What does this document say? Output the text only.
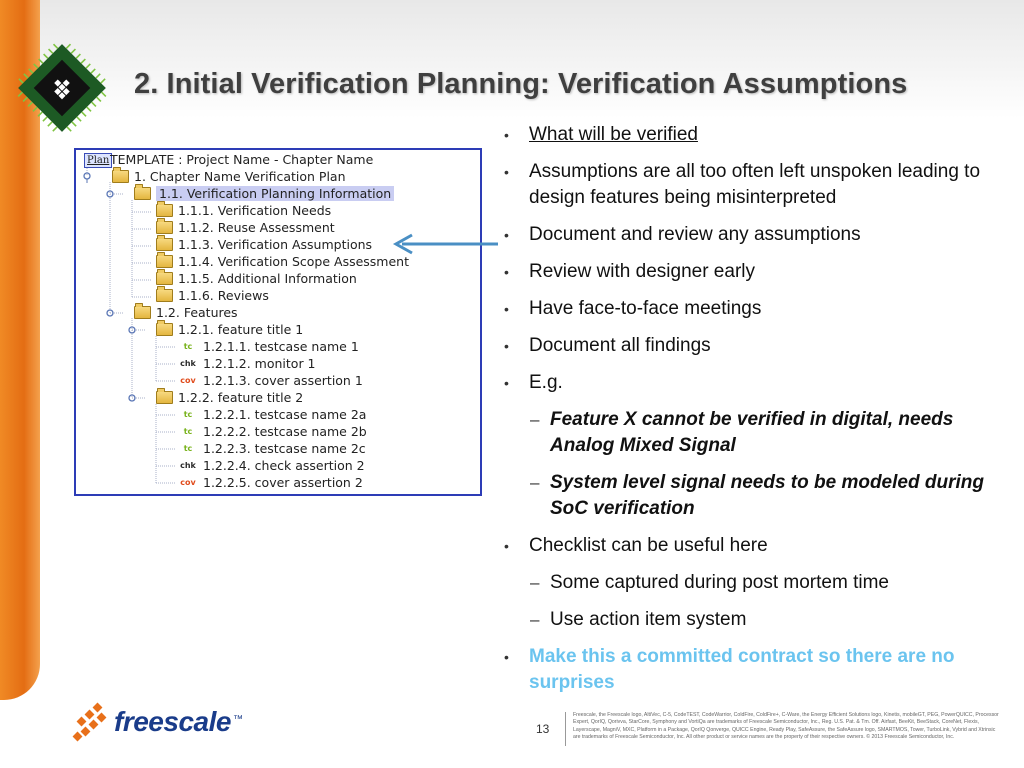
2. Initial Verification Planning: Verification Assumptions
Plan TEMPLATE : Project Name - Chapter Name
1. Chapter Name Verification Plan
1.1. Verification Planning Information
1.1.1. Verification Needs
1.1.2. Reuse Assessment
1.1.3. Verification Assumptions
1.1.4. Verification Scope Assessment
1.1.5. Additional Information
1.1.6. Reviews
1.2. Features
1.2.1. feature title 1
tc 1.2.1.1. testcase name 1
chk 1.2.1.2. monitor 1
cov 1.2.1.3. cover assertion 1
1.2.2. feature title 2
tc 1.2.2.1. testcase name 2a
tc 1.2.2.2. testcase name 2b
tc 1.2.2.3. testcase name 2c
chk 1.2.2.4. check assertion 2
cov 1.2.2.5. cover assertion 2
• What will be verified
• Assumptions are all too often left unspoken leading to design features being misinterpreted
• Document and review any assumptions
• Review with designer early
• Have face-to-face meetings
• Document all findings
• E.g.
– Feature X cannot be verified in digital, needs Analog Mixed Signal
– System level signal needs to be modeled during SoC verification
• Checklist can be useful here
– Some captured during post mortem time
– Use action item system
• Make this a committed contract so there are no surprises
freescale ™
13
Freescale, the Freescale logo, AltiVec, C-5, CodeTEST, CodeWarrior, ColdFire, ColdFire+, C-Ware, the Energy Efficient Solutions logo, Kinetis, mobileGT, PEG, PowerQUICC, Processor Expert, QorIQ, Qorivva, StarCore, Symphony and VortiQa are trademarks of Freescale Semiconductor, Inc., Reg. U.S. Pat. & Tm. Off. Airfast, BeeKit, BeeStack, CoreNet, Flexis, Layerscape, MagniV, MXC, Platform in a Package, QorIQ Qonverge, QUICC Engine, Ready Play, SafeAssure, the SafeAssure logo, SMARTMOS, Tower, TurboLink, Vybrid and Xtrinsic are trademarks of Freescale Semiconductor, Inc. All other product or service names are the property of their respective owners. © 2013 Freescale Semiconductor, Inc.
